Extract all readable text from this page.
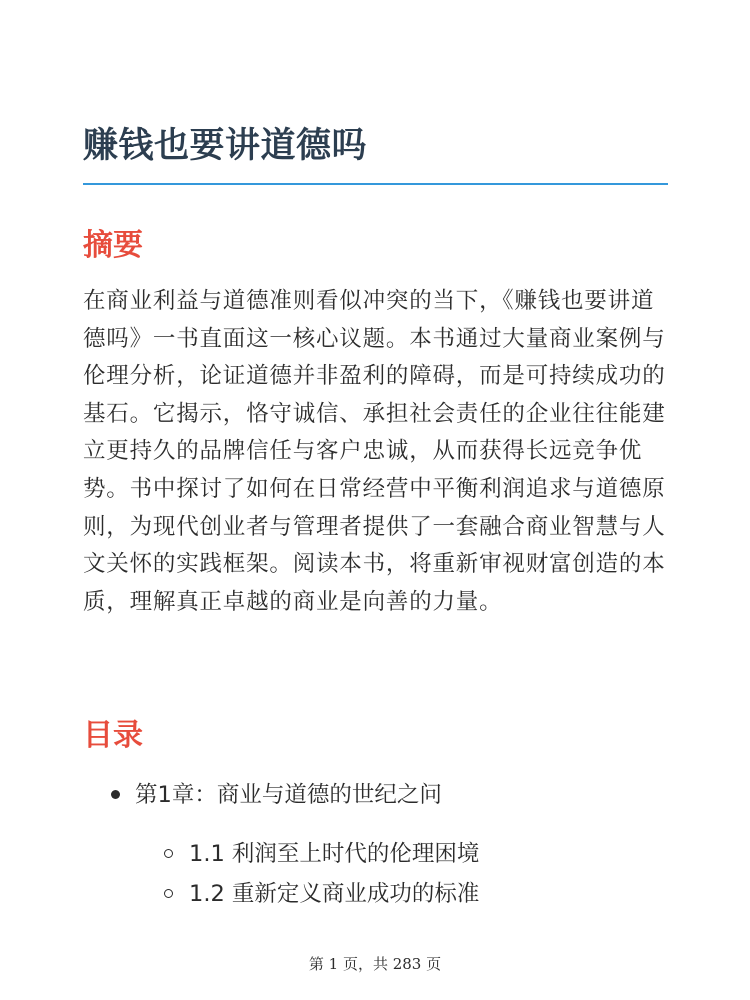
赚钱也要讲道德吗
摘要

在商业利益与道德准则看似冲突的当下，《赚钱也要讲道德吗》一书直面这一核心议题。本书通过大量商业案例与伦理分析，论证道德并非盈利的障碍，而是可持续成功的基石。它揭示，恪守诚信、承担社会责任的企业往往能建立更持久的品牌信任与客户忠诚，从而获得长远竞争优势。书中探讨了如何在日常经营中平衡利润追求与道德原则，为现代创业者与管理者提供了一套融合商业智慧与人文关怀的实践框架。阅读本书，将重新审视财富创造的本质，理解真正卓越的商业是向善的力量。

目录
第1章：商业与道德的世纪之问
1.1 利润至上时代的伦理困境
1.2 重新定义商业成功的标准
第 1 页，共 283 页
